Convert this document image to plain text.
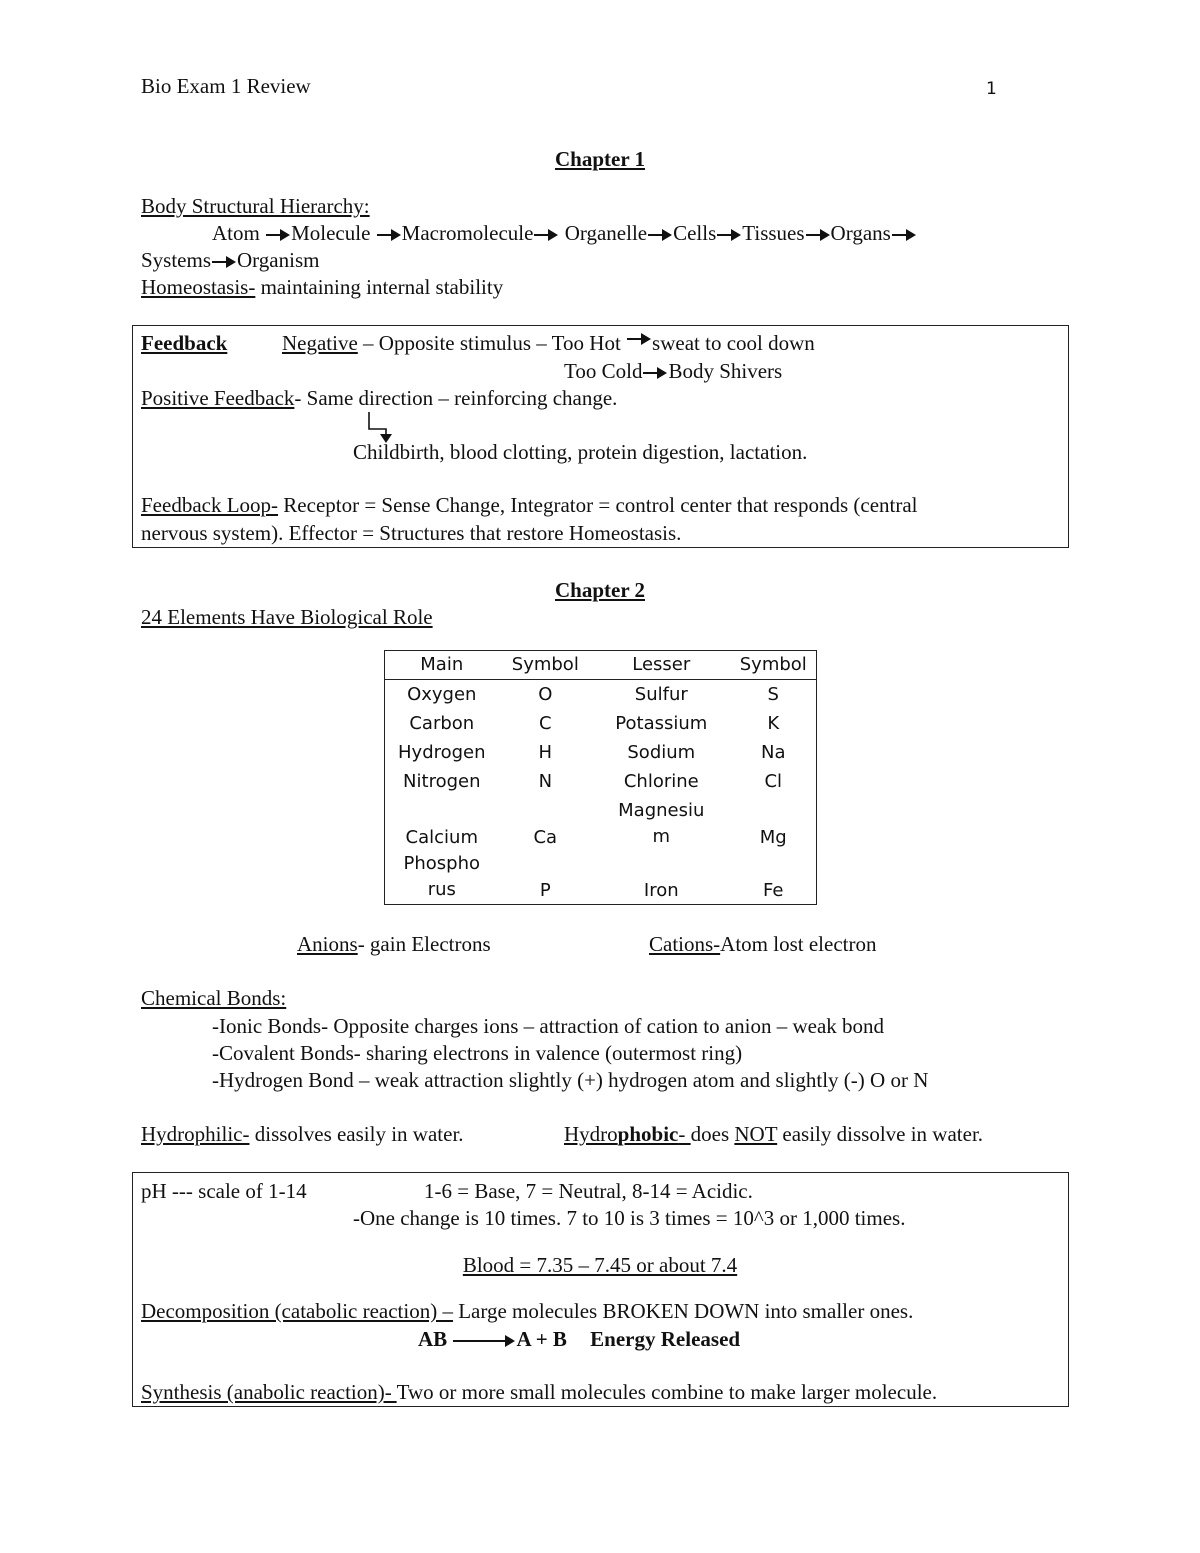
Bio Exam 1 Review	1
Chapter 1
Body Structural Hierarchy:
Atom Molecule Macromolecule Organelle Cells Tissues Organs
Systems Organism
Homeostasis- maintaining internal stability
Feedback	Negative – Opposite stimulus – Too Hot sweat to cool down
Too Cold Body Shivers
Positive Feedback- Same direction – reinforcing change.
Childbirth, blood clotting, protein digestion, lactation.
Feedback Loop- Receptor = Sense Change, Integrator = control center that responds (central
nervous system). Effector = Structures that restore Homeostasis.
Chapter 2
24 Elements Have Biological Role
Main	Symbol	Lesser	Symbol
Oxygen	O	Sulfur	S
Carbon	C	Potassium	K
Hydrogen	H	Sodium	Na
Nitrogen	N	Chlorine	Cl
Calcium	Ca	Magnesium	Mg
Phosphorus	P	Iron	Fe
Anions- gain Electrons	Cations-Atom lost electron
Chemical Bonds:
-Ionic Bonds- Opposite charges ions – attraction of cation to anion – weak bond
-Covalent Bonds- sharing electrons in valence (outermost ring)
-Hydrogen Bond – weak attraction slightly (+) hydrogen atom and slightly (-) O or N
Hydrophilic- dissolves easily in water.	Hydrophobic- does NOT easily dissolve in water.
pH --- scale of 1-14	1-6 = Base, 7 = Neutral, 8-14 = Acidic.
-One change is 10 times. 7 to 10 is 3 times = 10^3 or 1,000 times.
Blood = 7.35 – 7.45 or about 7.4
Decomposition (catabolic reaction) – Large molecules BROKEN DOWN into smaller ones.
AB	A + B Energy Released
Synthesis (anabolic reaction)- Two or more small molecules combine to make larger molecule.
